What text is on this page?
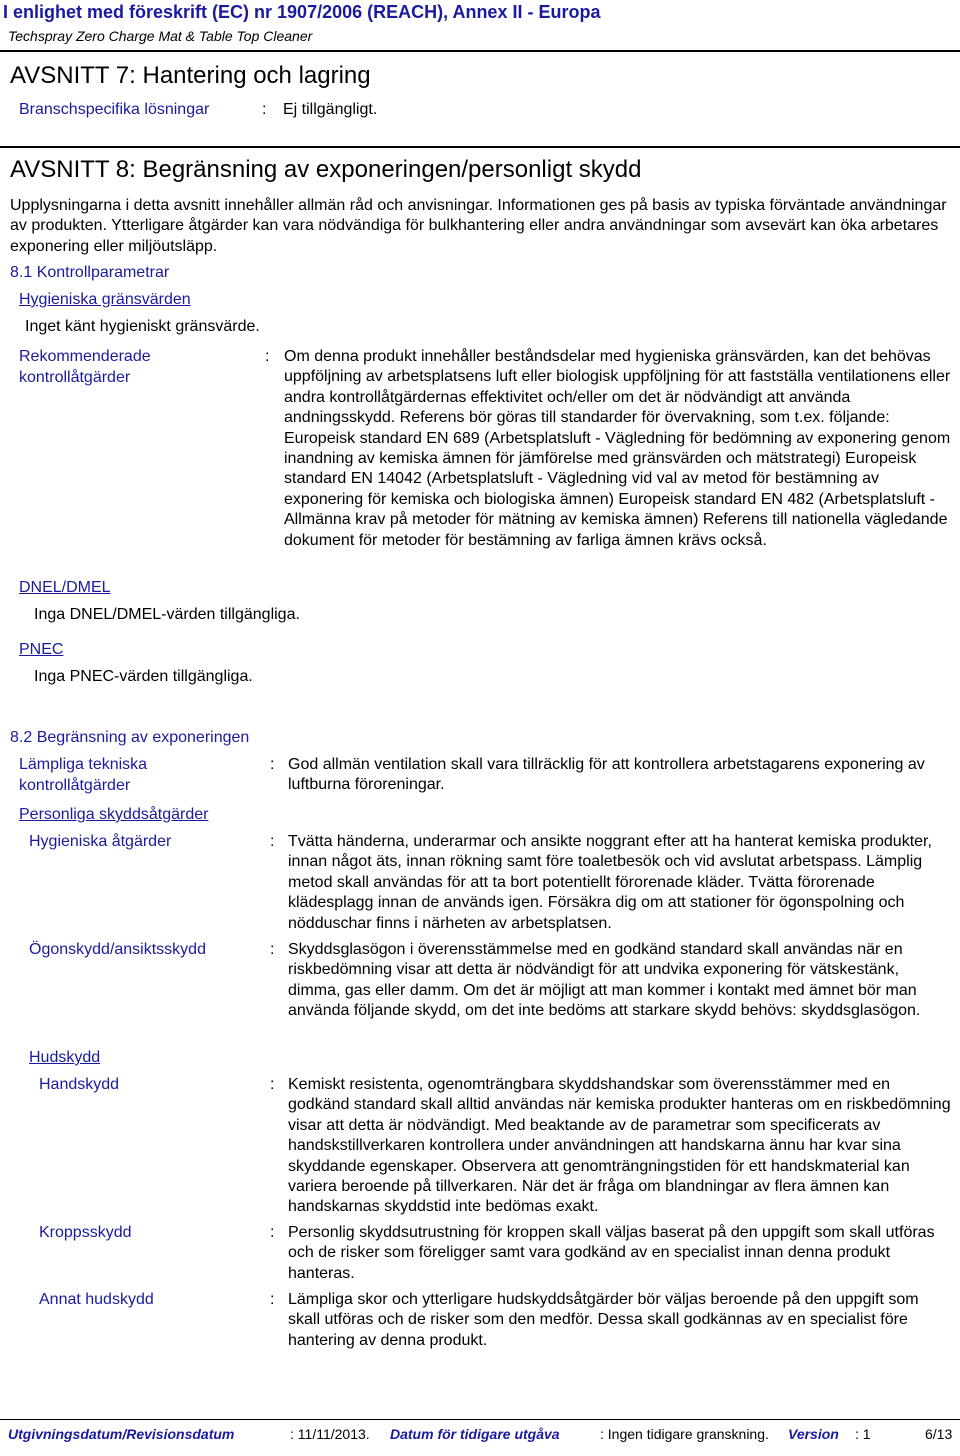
I enlighet med föreskrift (EC) nr 1907/2006 (REACH), Annex II - Europa
Techspray Zero Charge Mat & Table Top Cleaner
AVSNITT 7: Hantering och lagring
Branschspecifika lösningar	: Ej tillgängligt.
AVSNITT 8: Begränsning av exponeringen/personligt skydd
Upplysningarna i detta avsnitt innehåller allmän råd och anvisningar. Informationen ges på basis av typiska förväntade användningar av produkten. Ytterligare åtgärder kan vara nödvändiga för bulkhantering eller andra användningar som avsevärt kan öka arbetares exponering eller miljöutsläpp.
8.1 Kontrollparametrar
Hygieniska gränsvärden
Inget känt hygieniskt gränsvärde.
Rekommenderade
kontrollåtgärder
: Om denna produkt innehåller beståndsdelar med hygieniska gränsvärden, kan det behövas uppföljning av arbetsplatsens luft eller biologisk uppföljning för att fastställa ventilationens eller andra kontrollåtgärdernas effektivitet och/eller om det är nödvändigt att använda andningsskydd. Referens bör göras till standarder för övervakning, som t.ex. följande: Europeisk standard EN 689 (Arbetsplatsluft - Vägledning för bedömning av exponering genom inandning av kemiska ämnen för jämförelse med gränsvärden och mätstrategi) Europeisk standard EN 14042 (Arbetsplatsluft - Vägledning vid val av metod för bestämning av exponering för kemiska och biologiska ämnen) Europeisk standard EN 482 (Arbetsplatsluft - Allmänna krav på metoder för mätning av kemiska ämnen) Referens till nationella vägledande dokument för metoder för bestämning av farliga ämnen krävs också.
DNEL/DMEL
Inga DNEL/DMEL-värden tillgängliga.
PNEC
Inga PNEC-värden tillgängliga.
8.2 Begränsning av exponeringen
Lämpliga tekniska
kontrollåtgärder
: God allmän ventilation skall vara tillräcklig för att kontrollera arbetstagarens exponering av luftburna föroreningar.
Personliga skyddsåtgärder
Hygieniska åtgärder	: Tvätta händerna, underarmar och ansikte noggrant efter att ha hanterat kemiska produkter, innan något äts, innan rökning samt före toaletbesök och vid avslutat arbetspass. Lämplig metod skall användas för att ta bort potentiellt förorenade kläder. Tvätta förorenade klädesplagg innan de används igen. Försäkra dig om att stationer för ögonspolning och nödduschar finns i närheten av arbetsplatsen.
Ögonskydd/ansiktsskydd	: Skyddsglasögon i överensstämmelse med en godkänd standard skall användas när en riskbedömning visar att detta är nödvändigt för att undvika exponering för vätskestänk, dimma, gas eller damm. Om det är möjligt att man kommer i kontakt med ämnet bör man använda följande skydd, om det inte bedöms att starkare skydd behövs: skyddsglasögon.
Hudskydd
Handskydd	: Kemiskt resistenta, ogenomträngbara skyddshandskar som överensstämmer med en godkänd standard skall alltid användas när kemiska produkter hanteras om en riskbedömning visar att detta är nödvändigt. Med beaktande av de parametrar som specificerats av handskstillverkaren kontrollera under användningen att handskarna ännu har kvar sina skyddande egenskaper. Observera att genomträngningstiden för ett handskmaterial kan variera beroende på tillverkaren. När det är fråga om blandningar av flera ämnen kan handskarnas skyddstid inte bedömas exakt.
Kroppsskydd	: Personlig skyddsutrustning för kroppen skall väljas baserat på den uppgift som skall utföras och de risker som föreligger samt vara godkänd av en specialist innan denna produkt hanteras.
Annat hudskydd	: Lämpliga skor och ytterligare hudskyddsåtgärder bör väljas beroende på den uppgift som skall utföras och de risker som den medför. Dessa skall godkännas av en specialist före hantering av denna produkt.
Utgivningsdatum/Revisionsdatum	: 11/11/2013. Datum för tidigare utgåva	: Ingen tidigare granskning. Version : 1	6/13
